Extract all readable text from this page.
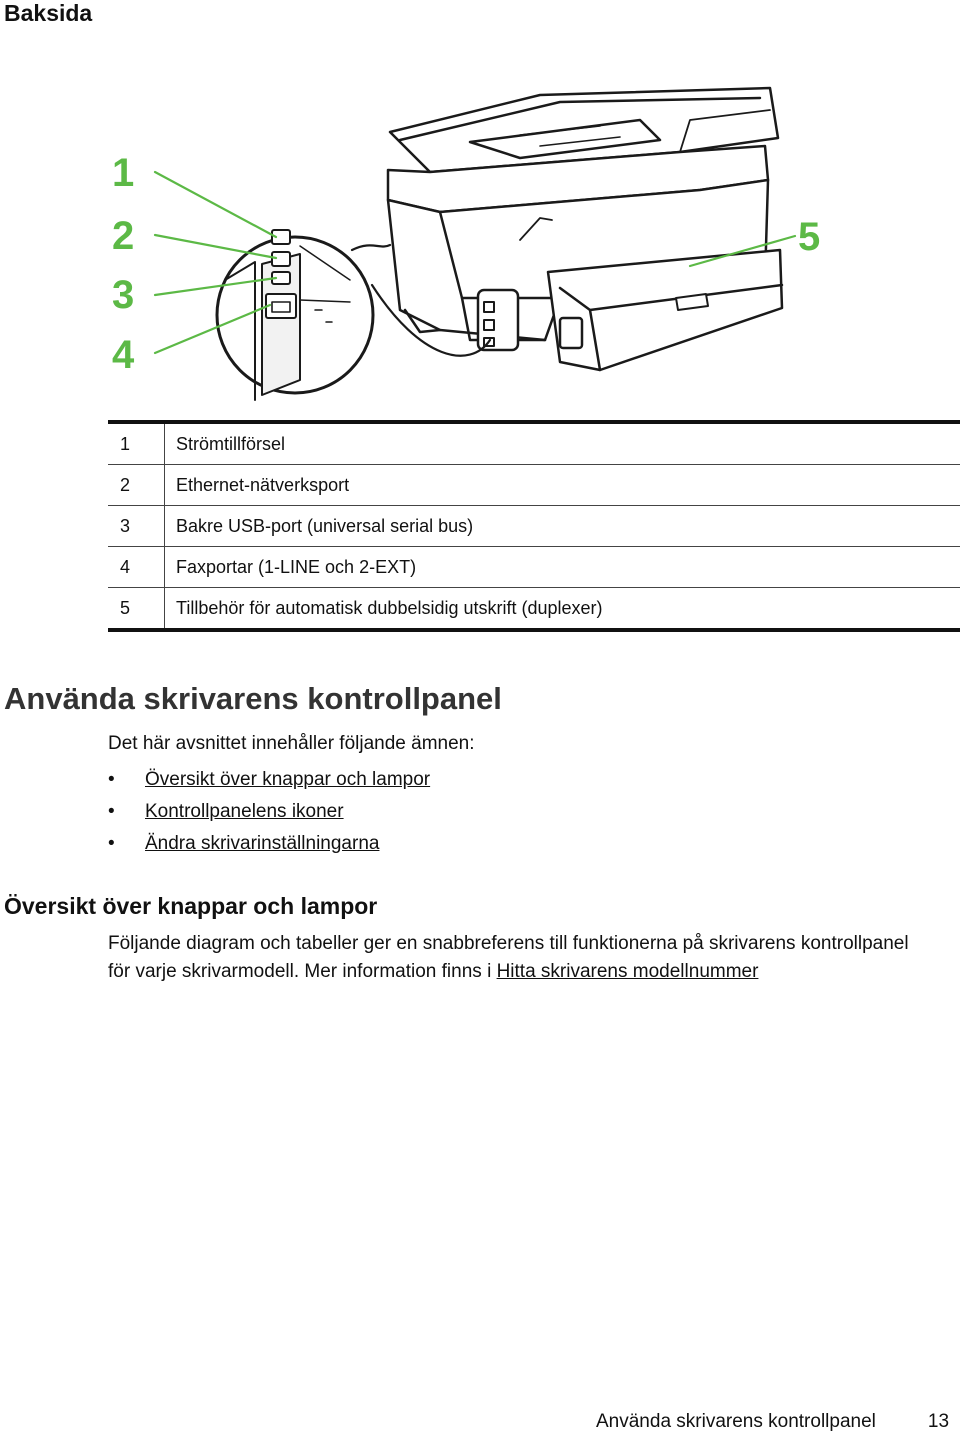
Baksida
1
2
3
4
5
1	Strömtillförsel
2	Ethernet-nätverksport
3	Bakre USB-port (universal serial bus)
4	Faxportar (1-LINE och 2-EXT)
5	Tillbehör för automatisk dubbelsidig utskrift (duplexer)
Använda skrivarens kontrollpanel

Det här avsnittet innehåller följande ämnen:

• Översikt över knappar och lampor
• Kontrollpanelens ikoner
• Ändra skrivarinställningarna
Översikt över knappar och lampor

Följande diagram och tabeller ger en snabbreferens till funktionerna på skrivarens kontrollpanel för varje skrivarmodell. Mer information finns i Hitta skrivarens modellnummer

Använda skrivarens kontrollpanel	13
